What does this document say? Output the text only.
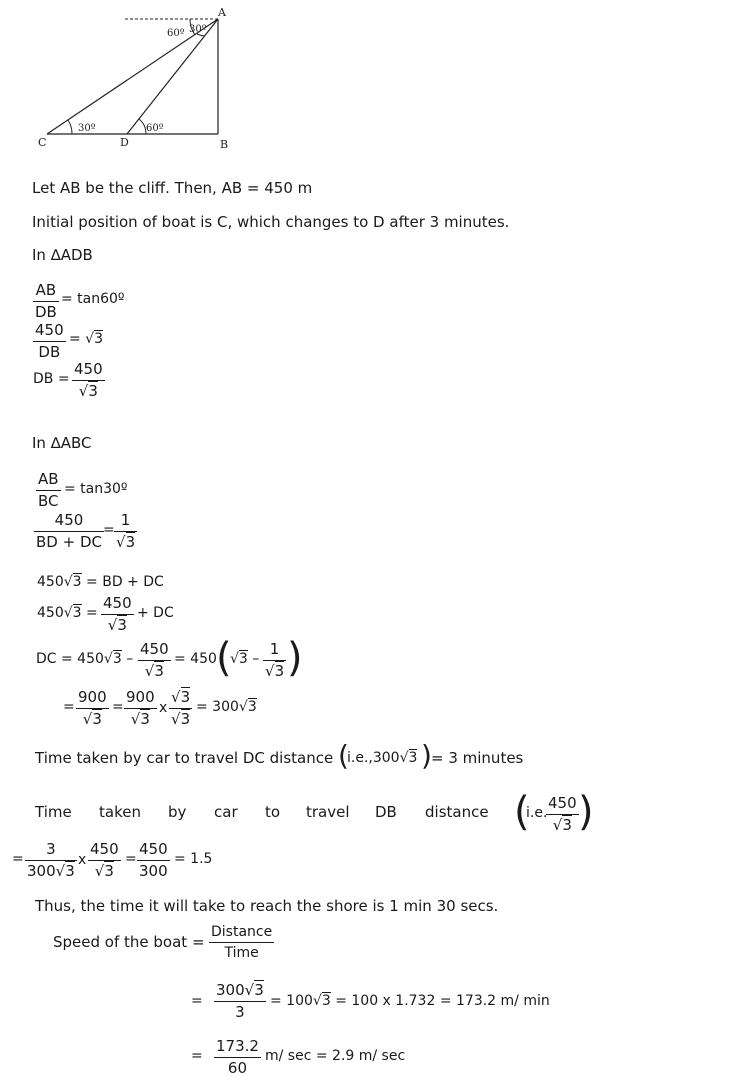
A
B
C	D
60º 30º
30º	60º
Let AB be the cliff. Then, AB = 450 m
Initial position of boat is C, which changes to D after 3 minutes.
In ∆ADB
$\frac{AB}{DB}$ = tan60º
$\frac{450}{DB} = √3$
DB = $\frac{450}{√3}$
In ∆ABC
$\frac{AB}{BC}$ = tan30º
$\frac{450}{BD + DC} = \frac{1}{√3}$
450√3 = BD + DC
$450√3 = \frac{450}{√3}$ + DC
DC = $450√3 - \frac{450}{√3} = 450$ (
$√3 - \frac{1}{√3}$ )
= $\frac{900}{√3} = \frac{900}{√3}$ x $\frac{√3}{√3} = 300√3$
Time taken by car to travel DC distance (
i.e.,300√3 ) = 3 minutes
Time taken by car to travel DB distance (
i.e.
$\frac{450}{√3}$ )
= $\frac{3}{300√3}$ x $\frac{450}{√3} = \frac{450}{300} = 1.5$
Thus, the time it will take to reach the shore is 1 min 30 secs.
Speed of the boat =
Distance
Time
= $\frac{300√3}{3} = 100√3 = 100$ x 1.732 = 173.2 m/ min
= $\frac{173.2}{60} m/$ sec = 2.9 m/ sec
